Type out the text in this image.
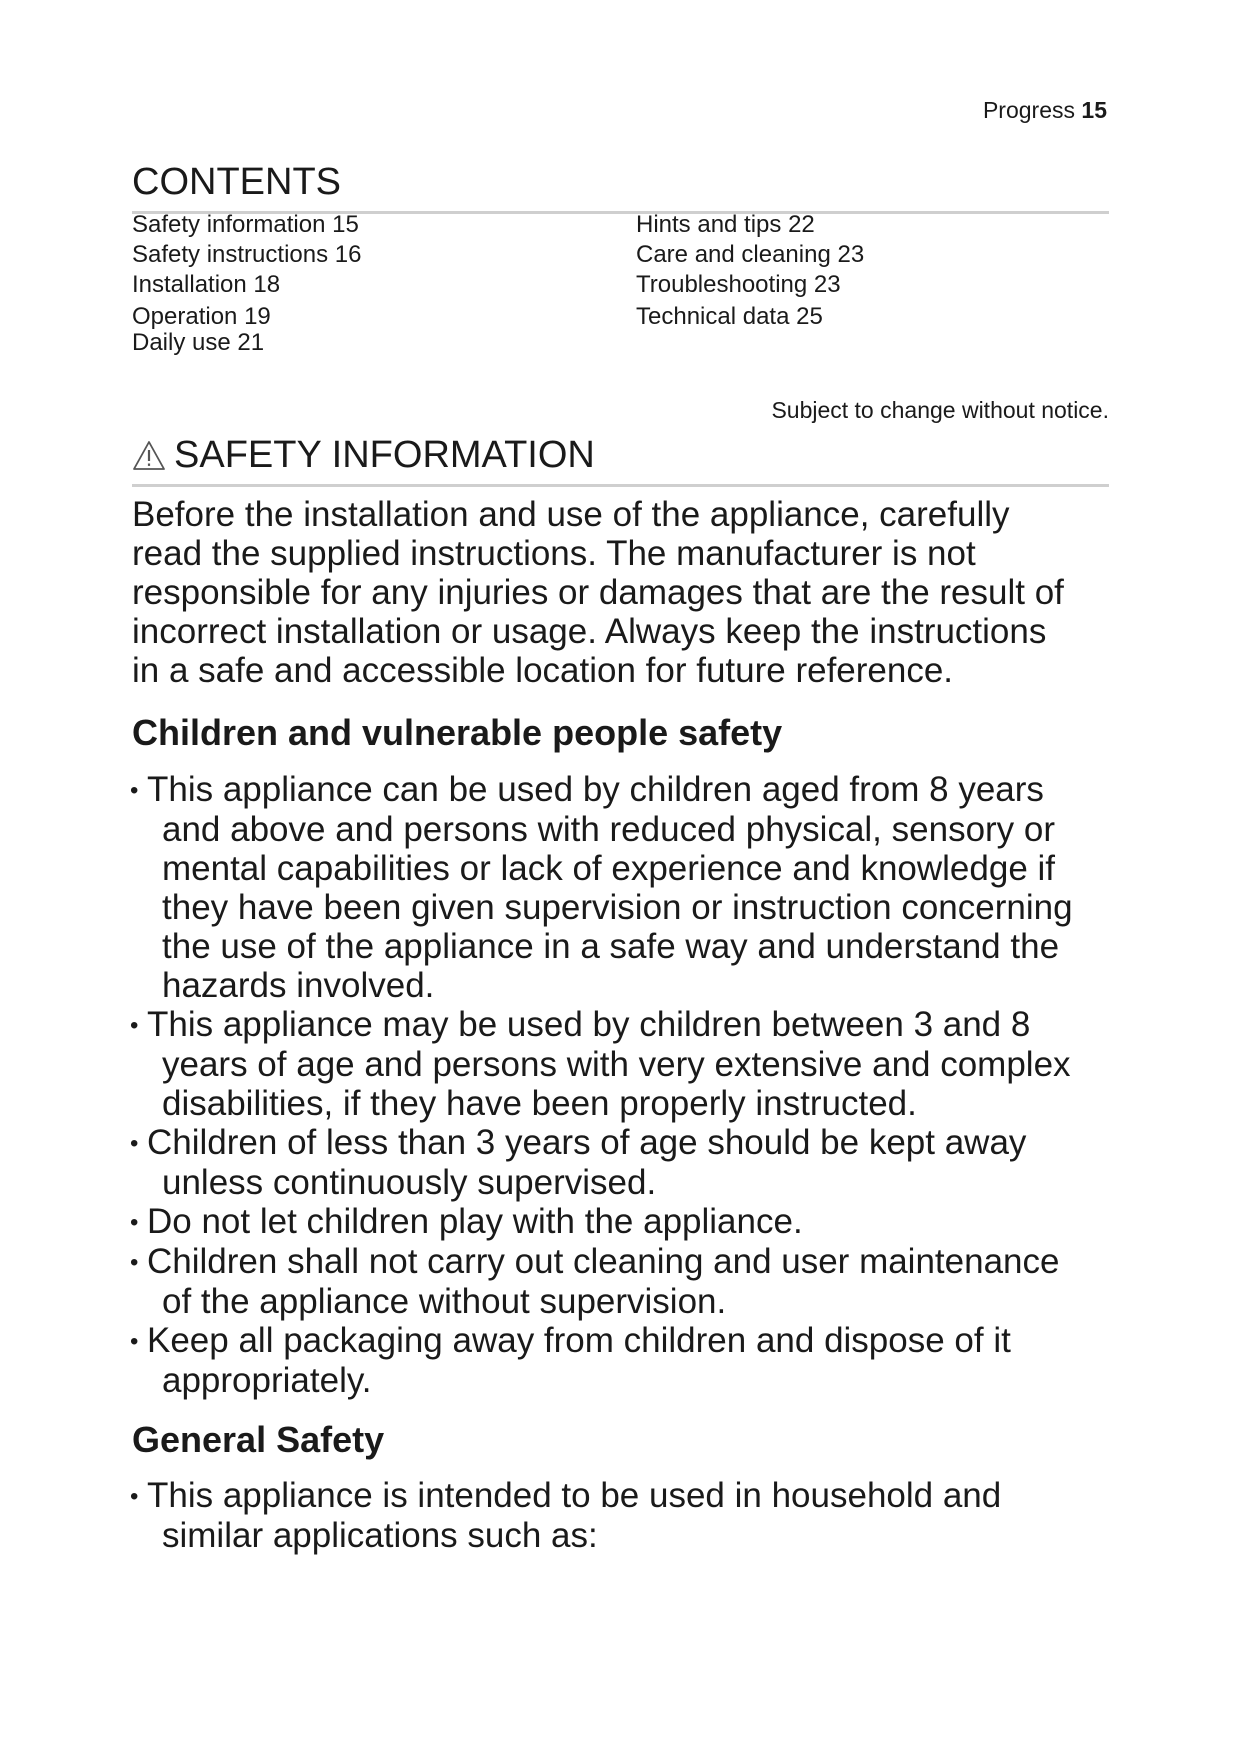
Progress 15
CONTENTS
Safety information 15
Safety instructions 16
Installation 18
Operation 19
Daily use 21
Hints and tips 22
Care and cleaning 23
Troubleshooting 23
Technical data 25
Subject to change without notice.
SAFETY INFORMATION
Before the installation and use of the appliance, carefully
read the supplied instructions. The manufacturer is not
responsible for any injuries or damages that are the result of
incorrect installation or usage. Always keep the instructions
in a safe and accessible location for future reference.
Children and vulnerable people safety
• This appliance can be used by children aged from 8 years
and above and persons with reduced physical, sensory or
mental capabilities or lack of experience and knowledge if
they have been given supervision or instruction concerning
the use of the appliance in a safe way and understand the
hazards involved.
• This appliance may be used by children between 3 and 8
years of age and persons with very extensive and complex
disabilities, if they have been properly instructed.
• Children of less than 3 years of age should be kept away
unless continuously supervised.
• Do not let children play with the appliance.
• Children shall not carry out cleaning and user maintenance
of the appliance without supervision.
• Keep all packaging away from children and dispose of it
appropriately.
General Safety
• This appliance is intended to be used in household and
similar applications such as:
